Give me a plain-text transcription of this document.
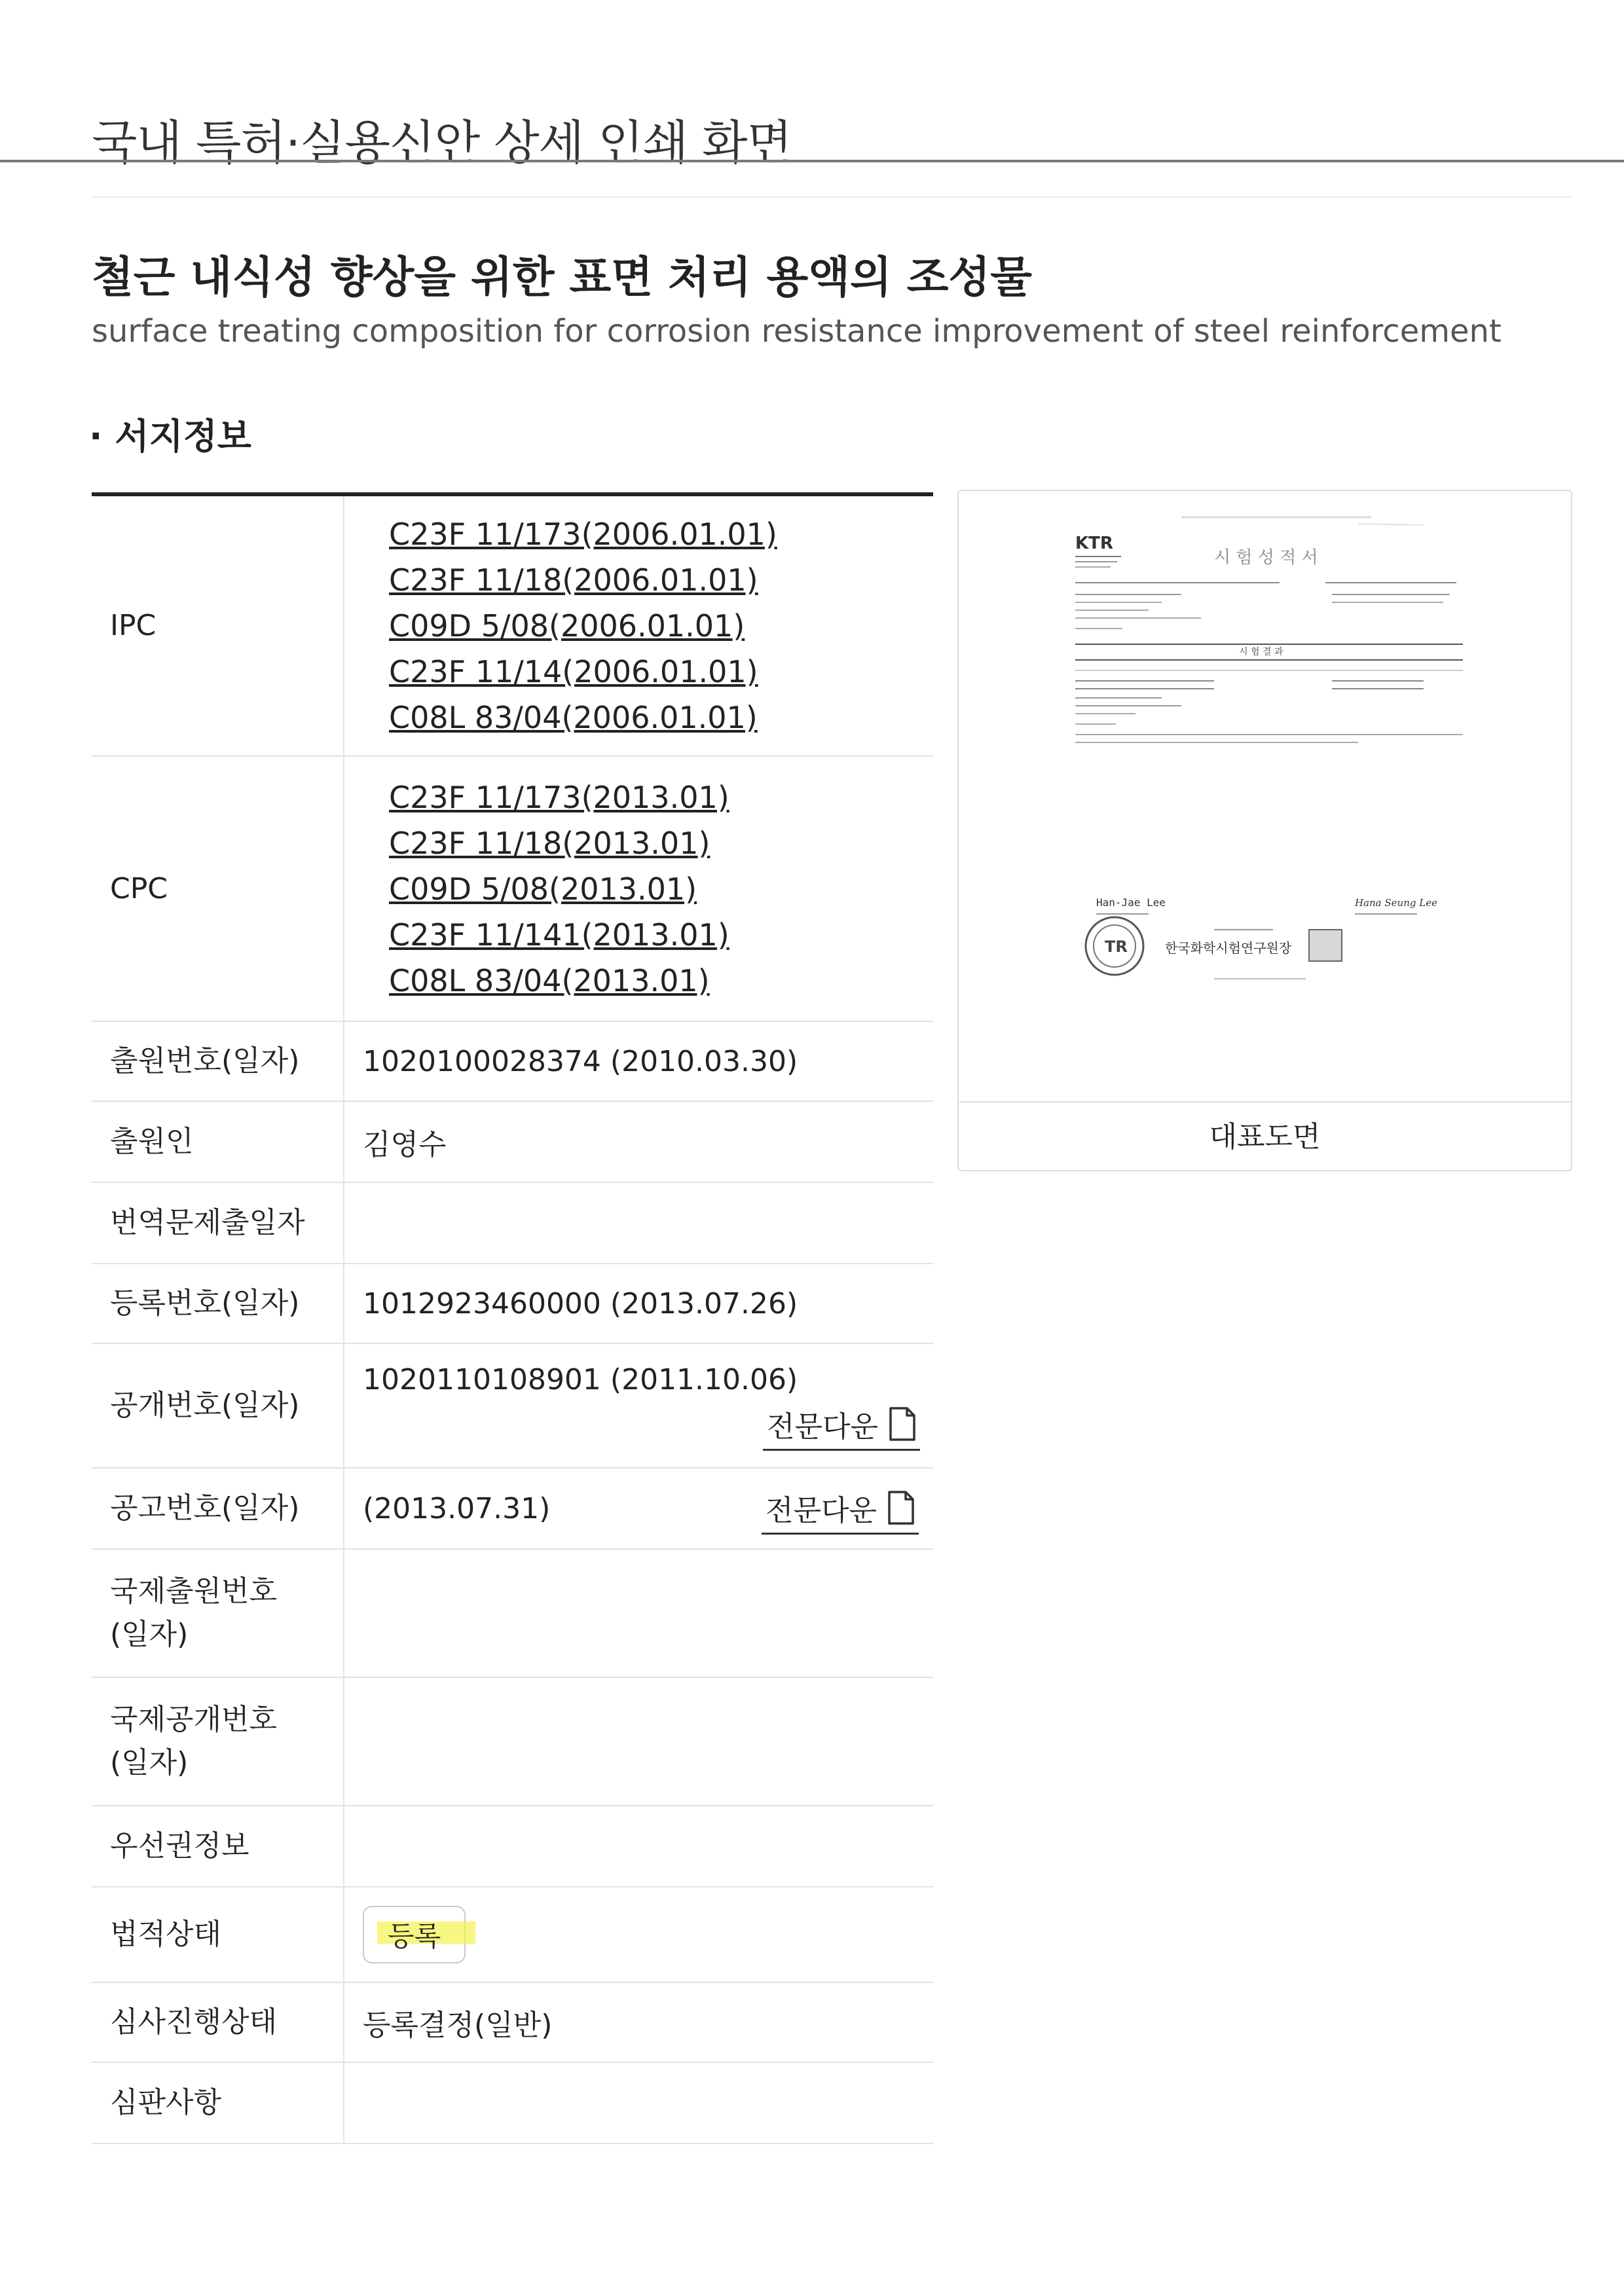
국내 특허·실용신안 상세 인쇄 화면
철근 내식성 향상을 위한 표면 처리 용액의 조성물
surface treating composition for corrosion resistance improvement of steel reinforcement
· 서지정보
IPC	C23F 11/173(2006.01.01)
C23F 11/18(2006.01.01)
C09D 5/08(2006.01.01)
C23F 11/14(2006.01.01)
C08L 83/04(2006.01.01)

CPC	C23F 11/173(2013.01)
C23F 11/18(2013.01)
C09D 5/08(2013.01)
C23F 11/141(2013.01)
C08L 83/04(2013.01)

출원번호(일자)	1020100028374 (2010.03.30)
출원인	김영수
번역문제출일자	
등록번호(일자)	1012923460000 (2013.07.26)
공개번호(일자)	1020110108901 (2011.10.06)
전문다운

공고번호(일자)	(2013.07.31) 전문다운

국제출원번호
(일자)	

국제공개번호
(일자)	

우선권정보	
법적상태	등록
심사진행상태	등록결정(일반)
심판사항	
KTR
시 험 성 적 서
시 험 결 과
Han-Jae Lee	Hana Seung Lee
TR	한국화학시험연구원장
대표도면
